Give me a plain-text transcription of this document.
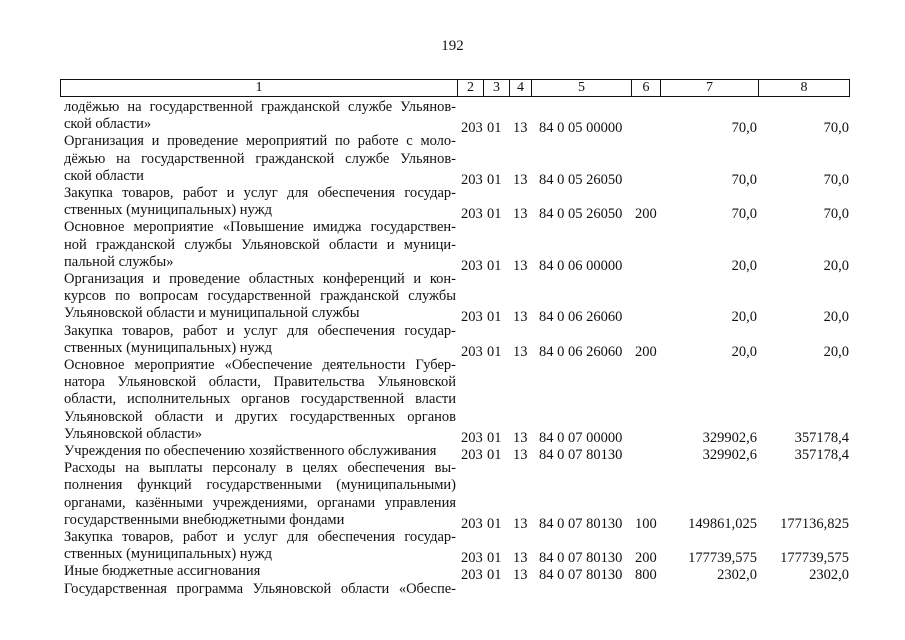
192
1	2	3	4	5	6	7	8
лодёжью на государственной гражданской службе Ульянов-
ской области»	203 01 13 84 0 05 00000	70,0	70,0
Организация и проведение мероприятий по работе с моло-
дёжью на государственной гражданской службе Ульянов-
ской области	203 01 13 84 0 05 26050	70,0	70,0
Закупка товаров, работ и услуг для обеспечения государ-
ственных (муниципальных) нужд	203 01 13 84 0 05 26050 200	70,0	70,0
Основное мероприятие «Повышение имиджа государствен-
ной гражданской службы Ульяновской области и муници-
пальной службы»	203 01 13 84 0 06 00000	20,0	20,0
Организация и проведение областных конференций и кон-
курсов по вопросам государственной гражданской службы
Ульяновской области и муниципальной службы	203 01 13 84 0 06 26060	20,0	20,0
Закупка товаров, работ и услуг для обеспечения государ-
ственных (муниципальных) нужд	203 01 13 84 0 06 26060 200	20,0	20,0
Основное мероприятие «Обеспечение деятельности Губер-
натора Ульяновской области, Правительства Ульяновской
области, исполнительных органов государственной власти
Ульяновской области и других государственных органов
Ульяновской области»	203 01 13 84 0 07 00000	329902,6	357178,4
Учреждения по обеспечению хозяйственного обслуживания 203 01 13 84 0 07 80130	329902,6	357178,4
Расходы на выплаты персоналу в целях обеспечения вы-
полнения функций государственными (муниципальными)
органами, казёнными учреждениями, органами управления
государственными внебюджетными фондами	203 01 13 84 0 07 80130 100	149861,025	177136,825
Закупка товаров, работ и услуг для обеспечения государ-
ственных (муниципальных) нужд	203 01 13 84 0 07 80130 200	177739,575	177739,575
Иные бюджетные ассигнования	203 01 13 84 0 07 80130 800	2302,0	2302,0
Государственная программа Ульяновской области «Обеспе-
